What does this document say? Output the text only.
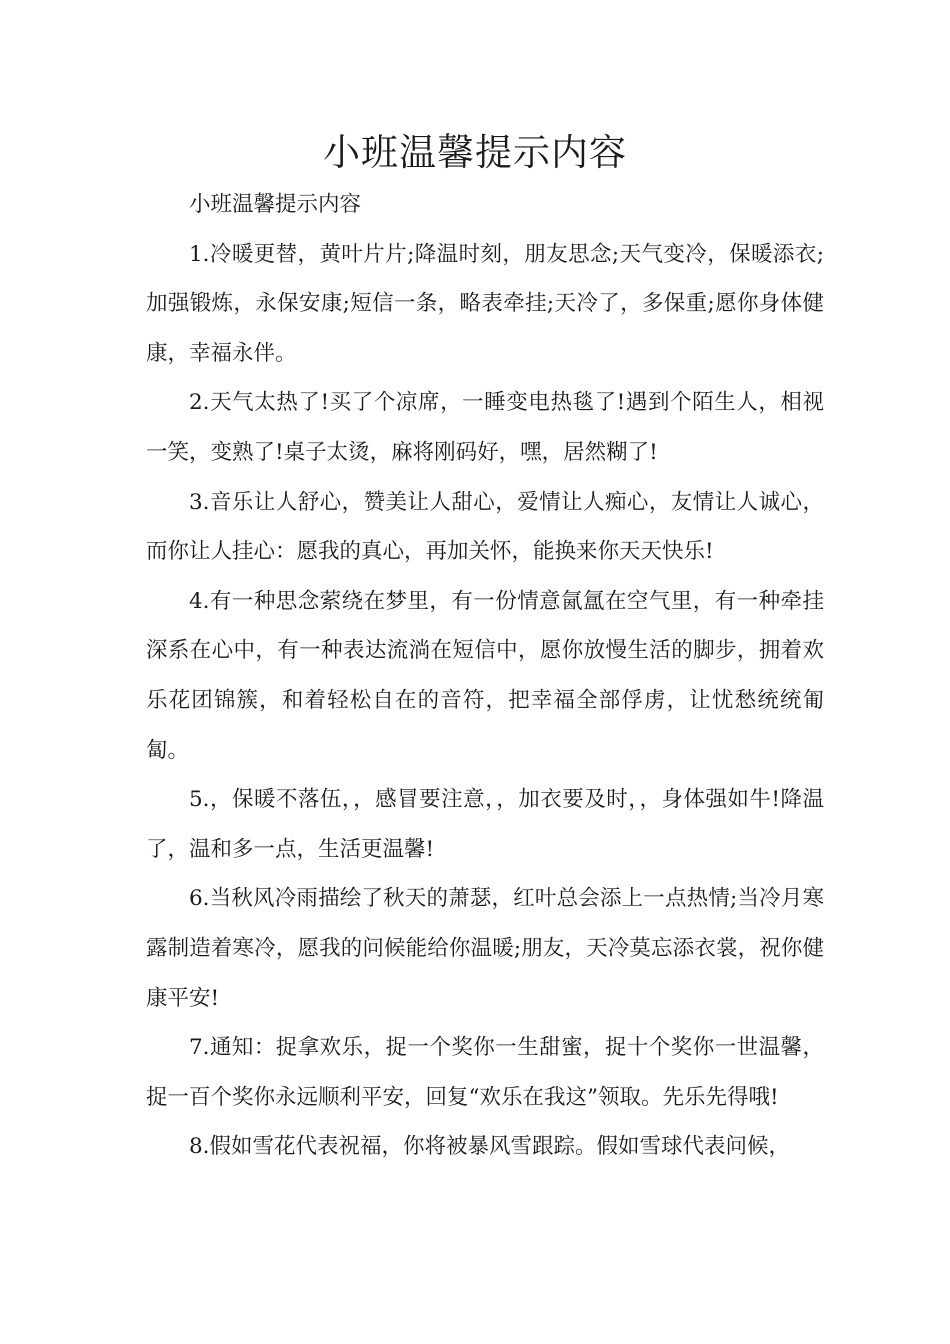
小班温馨提示内容

小班温馨提示内容

1.冷暖更替，黄叶片片;降温时刻，朋友思念;天气变冷，保暖添衣;加强锻炼，永保安康;短信一条，略表牵挂;天冷了，多保重;愿你身体健康，幸福永伴。

2.天气太热了!买了个凉席，一睡变电热毯了!遇到个陌生人，相视一笑，变熟了!桌子太烫，麻将刚码好，嘿，居然糊了!

3.音乐让人舒心，赞美让人甜心，爱情让人痴心，友情让人诚心，而你让人挂心：愿我的真心，再加关怀，能换来你天天快乐!

4.有一种思念萦绕在梦里，有一份情意氤氲在空气里，有一种牵挂深系在心中，有一种表达流淌在短信中，愿你放慢生活的脚步，拥着欢乐花团锦簇，和着轻松自在的音符，把幸福全部俘虏，让忧愁统统匍匐。

5.，保暖不落伍，，感冒要注意，，加衣要及时，，身体强如牛!降温了，温和多一点，生活更温馨!

6.当秋风冷雨描绘了秋天的萧瑟，红叶总会添上一点热情;当冷月寒露制造着寒冷，愿我的问候能给你温暖;朋友，天冷莫忘添衣裳，祝你健康平安!

7.通知：捉拿欢乐，捉一个奖你一生甜蜜，捉十个奖你一世温馨，捉一百个奖你永远顺利平安，回复“欢乐在我这”领取。先乐先得哦!

8.假如雪花代表祝福，你将被暴风雪跟踪。假如雪球代表问候，
